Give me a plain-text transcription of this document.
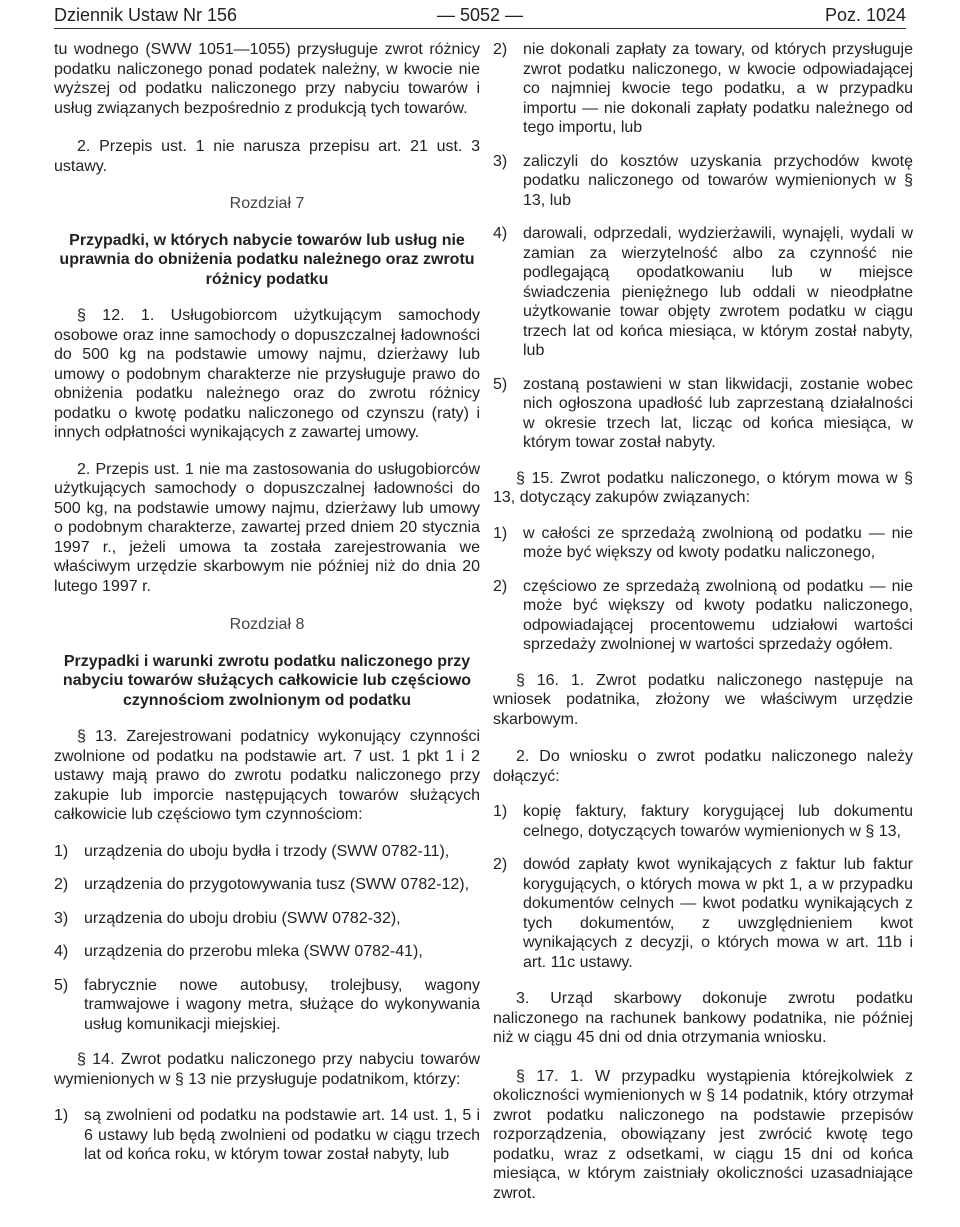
Dziennik Ustaw Nr 156	— 5052 —	Poz. 1024

tu wodnego (SWW 1051—1055) przysługuje zwrot różnicy podatku naliczonego ponad podatek należny, w kwocie nie wyższej od podatku naliczonego przy nabyciu towarów i usług związanych bezpośrednio z produkcją tych towarów.

2. Przepis ust. 1 nie narusza przepisu art. 21 ust. 3 ustawy.

Rozdział 7

Przypadki, w których nabycie towarów lub usług nie uprawnia do obniżenia podatku należnego oraz zwrotu różnicy podatku

§ 12. 1. Usługobiorcom użytkującym samochody osobowe oraz inne samochody o dopuszczalnej ładowności do 500 kg na podstawie umowy najmu, dzierżawy lub umowy o podobnym charakterze nie przysługuje prawo do obniżenia podatku należnego oraz do zwrotu różnicy podatku o kwotę podatku naliczonego od czynszu (raty) i innych odpłatności wynikających z zawartej umowy.

2. Przepis ust. 1 nie ma zastosowania do usługobiorców użytkujących samochody o dopuszczalnej ładowności do 500 kg, na podstawie umowy najmu, dzierżawy lub umowy o podobnym charakterze, zawartej przed dniem 20 stycznia 1997 r., jeżeli umowa ta została zarejestrowania we właściwym urzędzie skarbowym nie później niż do dnia 20 lutego 1997 r.

Rozdział 8

Przypadki i warunki zwrotu podatku naliczonego przy nabyciu towarów służących całkowicie lub częściowo czynnościom zwolnionym od podatku

§ 13. Zarejestrowani podatnicy wykonujący czynności zwolnione od podatku na podstawie art. 7 ust. 1 pkt 1 i 2 ustawy mają prawo do zwrotu podatku naliczonego przy zakupie lub imporcie następujących towarów służących całkowicie lub częściowo tym czynnościom:

1) urządzenia do uboju bydła i trzody (SWW 0782-11),
2) urządzenia do przygotowywania tusz (SWW 0782-12),
3) urządzenia do uboju drobiu (SWW 0782-32),
4) urządzenia do przerobu mleka (SWW 0782-41),
5) fabrycznie nowe autobusy, trolejbusy, wagony tramwajowe i wagony metra, służące do wykonywania usług komunikacji miejskiej.

§ 14. Zwrot podatku naliczonego przy nabyciu towarów wymienionych w § 13 nie przysługuje podatnikom, którzy:

1) są zwolnieni od podatku na podstawie art. 14 ust. 1, 5 i 6 ustawy lub będą zwolnieni od podatku w ciągu trzech lat od końca roku, w którym towar został nabyty, lub
2) nie dokonali zapłaty za towary, od których przysługuje zwrot podatku naliczonego, w kwocie odpowiadającej co najmniej kwocie tego podatku, a w przypadku importu — nie dokonali zapłaty podatku należnego od tego importu, lub
3) zaliczyli do kosztów uzyskania przychodów kwotę podatku naliczonego od towarów wymienionych w § 13, lub
4) darowali, odprzedali, wydzierżawili, wynajęli, wydali w zamian za wierzytelność albo za czynność nie podlegającą opodatkowaniu lub w miejsce świadczenia pieniężnego lub oddali w nieodpłatne użytkowanie towar objęty zwrotem podatku w ciągu trzech lat od końca miesiąca, w którym został nabyty, lub
5) zostaną postawieni w stan likwidacji, zostanie wobec nich ogłoszona upadłość lub zaprzestaną działalności w okresie trzech lat, licząc od końca miesiąca, w którym towar został nabyty.

§ 15. Zwrot podatku naliczonego, o którym mowa w § 13, dotyczący zakupów związanych:

1) w całości ze sprzedażą zwolnioną od podatku — nie może być większy od kwoty podatku naliczonego,
2) częściowo ze sprzedażą zwolnioną od podatku — nie może być większy od kwoty podatku naliczonego, odpowiadającej procentowemu udziałowi wartości sprzedaży zwolnionej w wartości sprzedaży ogółem.

§ 16. 1. Zwrot podatku naliczonego następuje na wniosek podatnika, złożony we właściwym urzędzie skarbowym.

2. Do wniosku o zwrot podatku naliczonego należy dołączyć:

1) kopię faktury, faktury korygującej lub dokumentu celnego, dotyczących towarów wymienionych w § 13,
2) dowód zapłaty kwot wynikających z faktur lub faktur korygujących, o których mowa w pkt 1, a w przypadku dokumentów celnych — kwot podatku wynikających z tych dokumentów, z uwzględnieniem kwot wynikających z decyzji, o których mowa w art. 11b i art. 11c ustawy.

3. Urząd skarbowy dokonuje zwrotu podatku naliczonego na rachunek bankowy podatnika, nie później niż w ciągu 45 dni od dnia otrzymania wniosku.

§ 17. 1. W przypadku wystąpienia którejkolwiek z okoliczności wymienionych w § 14 podatnik, który otrzymał zwrot podatku naliczonego na podstawie przepisów rozporządzenia, obowiązany jest zwrócić kwotę tego podatku, wraz z odsetkami, w ciągu 15 dni od końca miesiąca, w którym zaistniały okoliczności uzasadniające zwrot.
